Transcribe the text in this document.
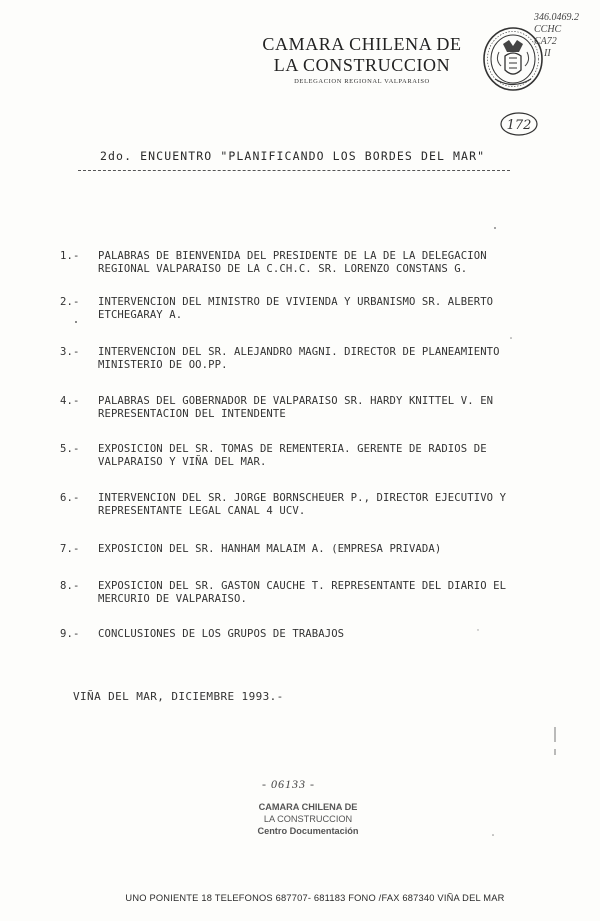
CAMARA CHILENA DE
LA CONSTRUCCION
DELEGACION REGIONAL VALPARAISO
346.0469.2
CCHC
CA72
II
172
2do. ENCUENTRO "PLANIFICANDO LOS BORDES DEL MAR"
1.-	PALABRAS DE BIENVENIDA DEL PRESIDENTE DE LA DE LA DELEGACION
REGIONAL VALPARAISO DE LA C.CH.C. SR. LORENZO CONSTANS G.
2.-	INTERVENCION DEL MINISTRO DE VIVIENDA Y URBANISMO SR. ALBERTO
ETCHEGARAY A.
3.-	INTERVENCION DEL SR. ALEJANDRO MAGNI. DIRECTOR DE PLANEAMIENTO
MINISTERIO DE OO.PP.
4.-	PALABRAS DEL GOBERNADOR DE VALPARAISO SR. HARDY KNITTEL V. EN
REPRESENTACION DEL INTENDENTE
5.-	EXPOSICION DEL SR. TOMAS DE REMENTERIA. GERENTE DE RADIOS DE
VALPARAISO Y VIÑA DEL MAR.
6.-	INTERVENCION DEL SR. JORGE BORNSCHEUER P., DIRECTOR EJECUTIVO Y
REPRESENTANTE LEGAL CANAL 4 UCV.
7.-	EXPOSICION DEL SR. HANHAM MALAIM A. (EMPRESA PRIVADA)
8.-	EXPOSICION DEL SR. GASTON CAUCHE T. REPRESENTANTE DEL DIARIO EL
MERCURIO DE VALPARAISO.
9.-	CONCLUSIONES DE LOS GRUPOS DE TRABAJOS
VIÑA DEL MAR, DICIEMBRE 1993.-
- 06133 -
CAMARA CHILENA DE
LA CONSTRUCCION
Centro Documentación
UNO PONIENTE 18 TELEFONOS 687707- 681183 FONO /FAX 687340 VIÑA DEL MAR
